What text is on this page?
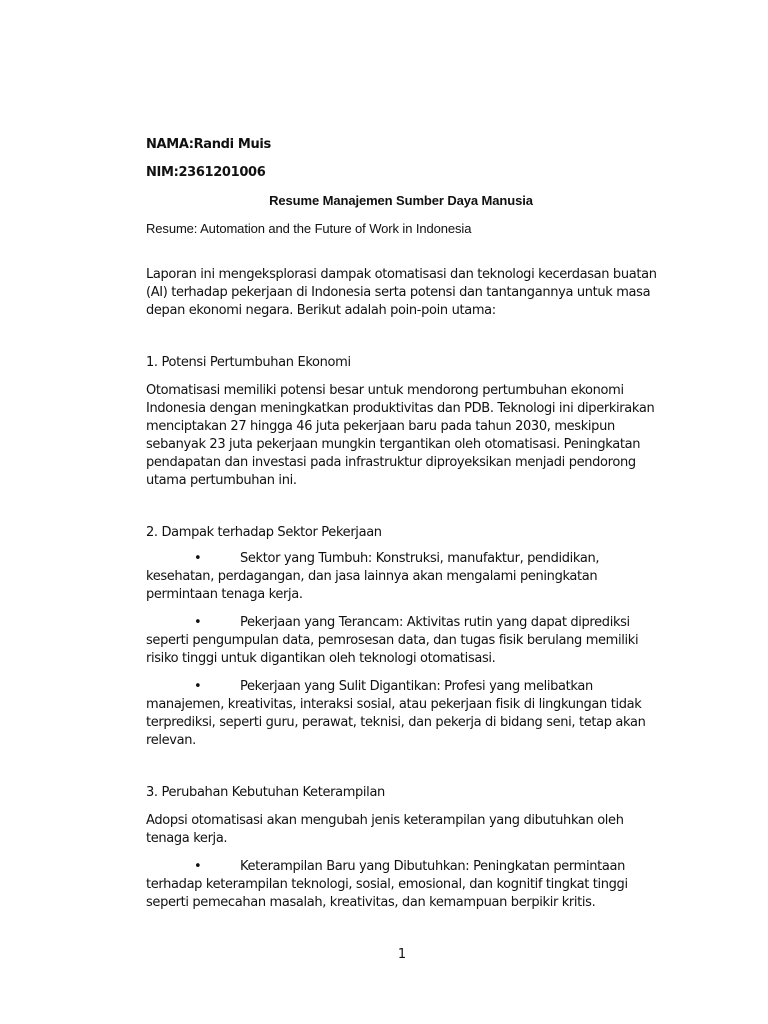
NAMA:Randi Muis

NIM:2361201006

Resume Manajemen Sumber Daya Manusia

Resume: Automation and the Future of Work in Indonesia

Laporan ini mengeksplorasi dampak otomatisasi dan teknologi kecerdasan buatan (AI) terhadap pekerjaan di Indonesia serta potensi dan tantangannya untuk masa depan ekonomi negara. Berikut adalah poin-poin utama:

1. Potensi Pertumbuhan Ekonomi

Otomatisasi memiliki potensi besar untuk mendorong pertumbuhan ekonomi Indonesia dengan meningkatkan produktivitas dan PDB. Teknologi ini diperkirakan menciptakan 27 hingga 46 juta pekerjaan baru pada tahun 2030, meskipun sebanyak 23 juta pekerjaan mungkin tergantikan oleh otomatisasi. Peningkatan pendapatan dan investasi pada infrastruktur diproyeksikan menjadi pendorong utama pertumbuhan ini.

2. Dampak terhadap Sektor Pekerjaan

•	Sektor yang Tumbuh: Konstruksi, manufaktur, pendidikan, kesehatan, perdagangan, dan jasa lainnya akan mengalami peningkatan permintaan tenaga kerja.

•	Pekerjaan yang Terancam: Aktivitas rutin yang dapat diprediksi seperti pengumpulan data, pemrosesan data, dan tugas fisik berulang memiliki risiko tinggi untuk digantikan oleh teknologi otomatisasi.

•	Pekerjaan yang Sulit Digantikan: Profesi yang melibatkan manajemen, kreativitas, interaksi sosial, atau pekerjaan fisik di lingkungan tidak terprediksi, seperti guru, perawat, teknisi, dan pekerja di bidang seni, tetap akan relevan.

3. Perubahan Kebutuhan Keterampilan

Adopsi otomatisasi akan mengubah jenis keterampilan yang dibutuhkan oleh tenaga kerja.

•	Keterampilan Baru yang Dibutuhkan: Peningkatan permintaan terhadap keterampilan teknologi, sosial, emosional, dan kognitif tingkat tinggi seperti pemecahan masalah, kreativitas, dan kemampuan berpikir kritis.

1
